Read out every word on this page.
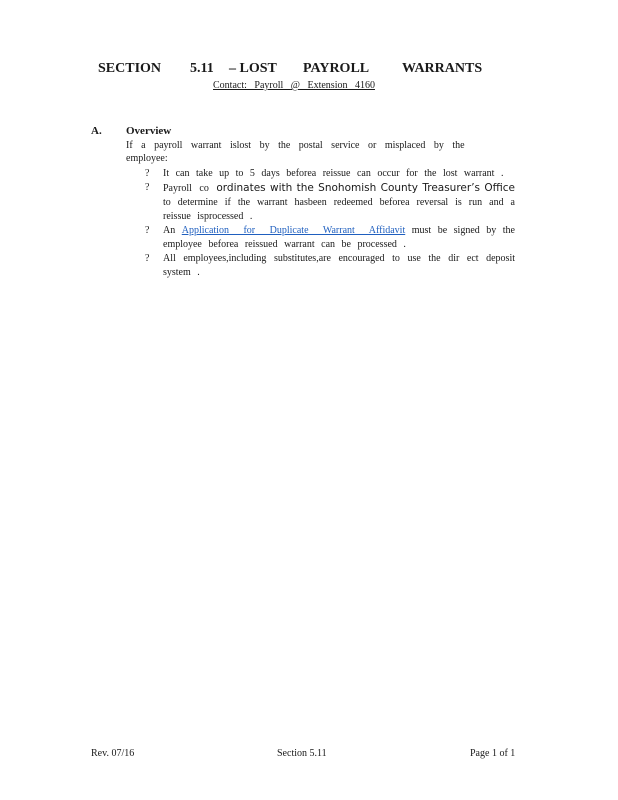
SECTION 5.11 – LOST PAYROLL WARRANTS
Contact: Payroll @ Extension 4160
A. Overview
If a payroll warrant islost by the postal service or misplaced by the employee:
? It can take up to 5 days beforea reissue can occur for the lost warrant .
? Payroll co ordinates with the Snohomish County Treasurer’s Office to determine if the warrant hasbeen redeemed beforea reversal is run and a reissue isprocessed .
? An Application for Duplicate Warrant Affidavit must be signed by the employee beforea reissued warrant can be processed .
? All employees,including substitutes,are encouraged to use the dir ect deposit system .
Rev. 07/16	Section 5.11	Page 1 of 1
